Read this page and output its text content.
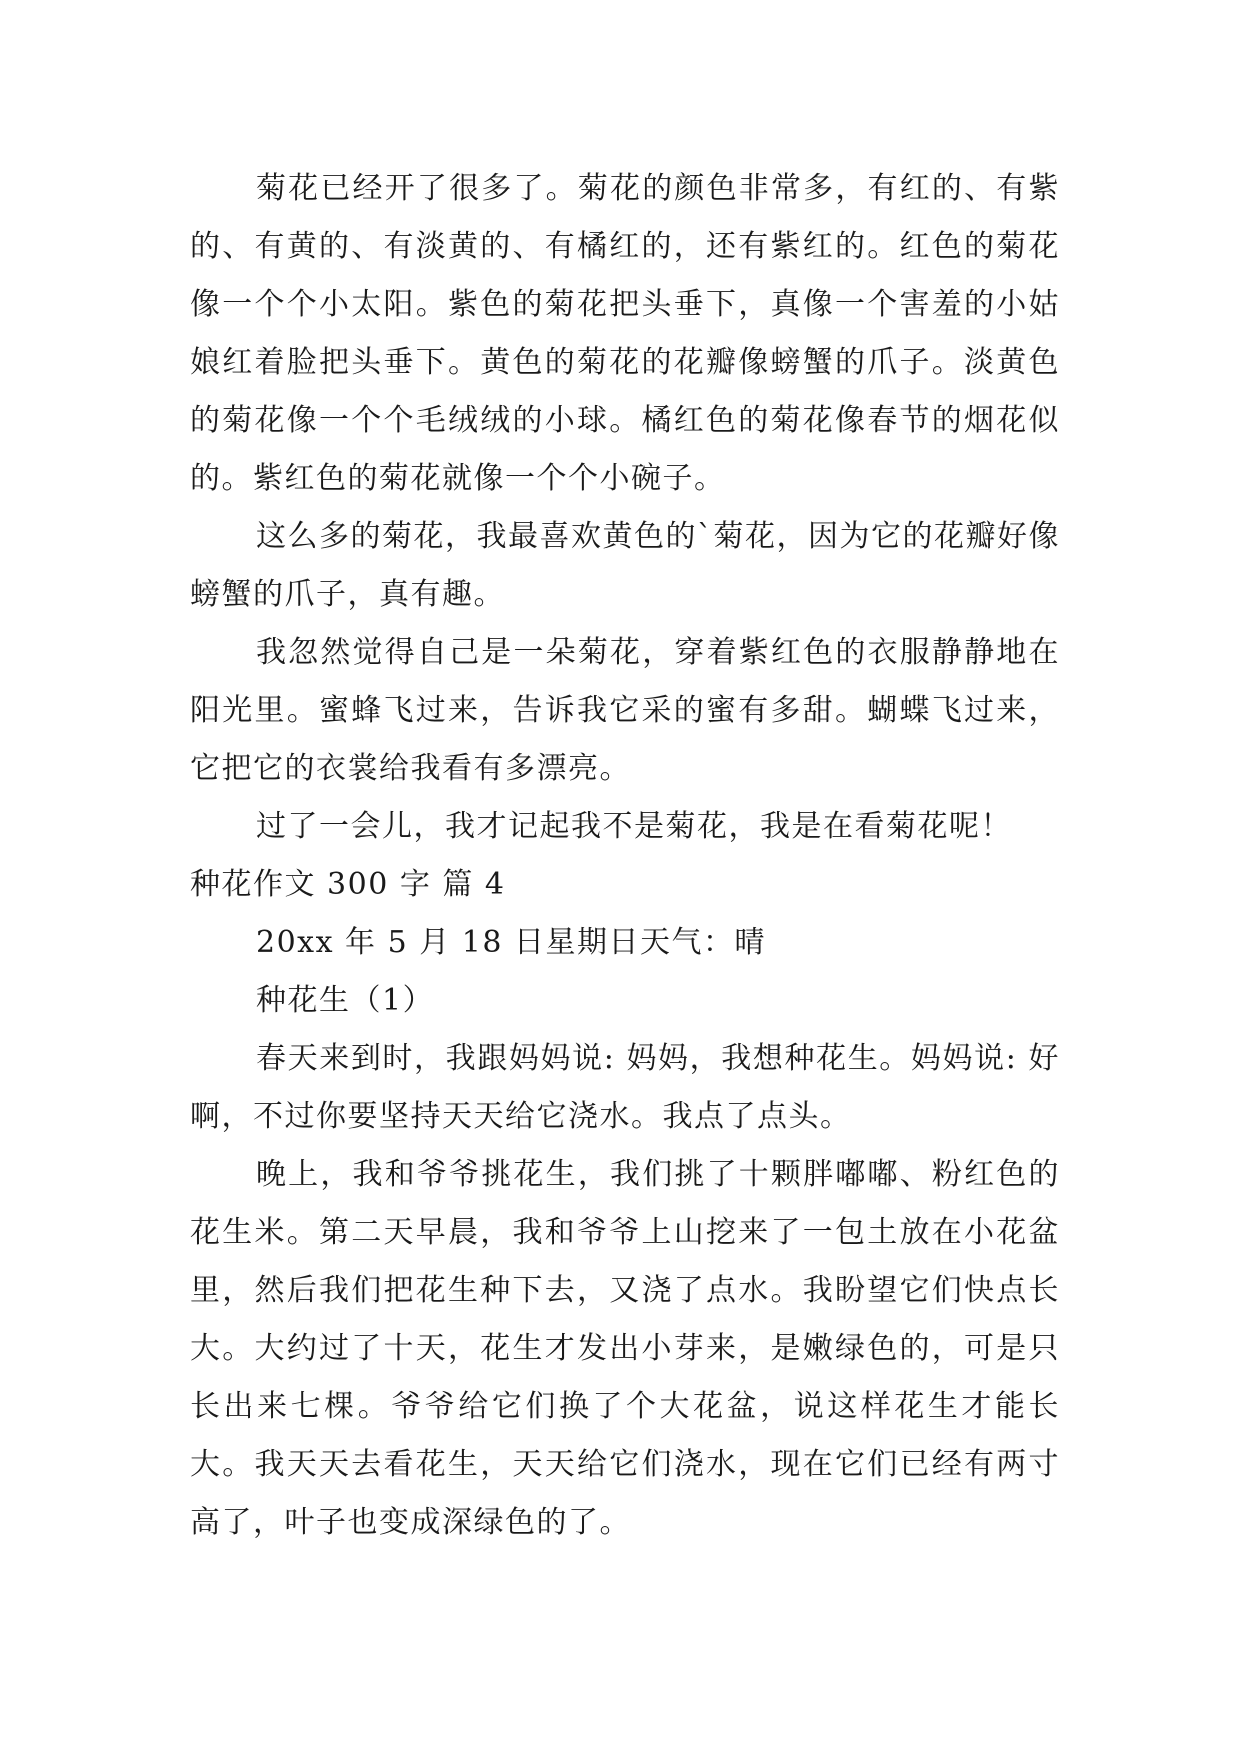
菊花已经开了很多了。菊花的颜色非常多，有红的、有紫的、有黄的、有淡黄的、有橘红的，还有紫红的。红色的菊花像一个个小太阳。紫色的菊花把头垂下，真像一个害羞的小姑娘红着脸把头垂下。黄色的菊花的花瓣像螃蟹的爪子。淡黄色的菊花像一个个毛绒绒的小球。橘红色的菊花像春节的烟花似的。紫红色的菊花就像一个个小碗子。

这么多的菊花，我最喜欢黄色的`菊花，因为它的花瓣好像螃蟹的爪子，真有趣。

我忽然觉得自己是一朵菊花，穿着紫红色的衣服静静地在阳光里。蜜蜂飞过来，告诉我它采的蜜有多甜。蝴蝶飞过来，它把它的衣裳给我看有多漂亮。

过了一会儿，我才记起我不是菊花，我是在看菊花呢！

种花作文 300 字 篇 4

20xx 年 5 月 18 日星期日天气：晴

种花生（1）

春天来到时，我跟妈妈说: 妈妈，我想种花生。妈妈说: 好啊，不过你要坚持天天给它浇水。我点了点头。

晚上，我和爷爷挑花生，我们挑了十颗胖嘟嘟、粉红色的花生米。第二天早晨，我和爷爷上山挖来了一包土放在小花盆里，然后我们把花生种下去，又浇了点水。我盼望它们快点长大。大约过了十天，花生才发出小芽来，是嫩绿色的，可是只长出来七棵。爷爷给它们换了个大花盆，说这样花生才能长大。我天天去看花生，天天给它们浇水，现在它们已经有两寸高了，叶子也变成深绿色的了。
